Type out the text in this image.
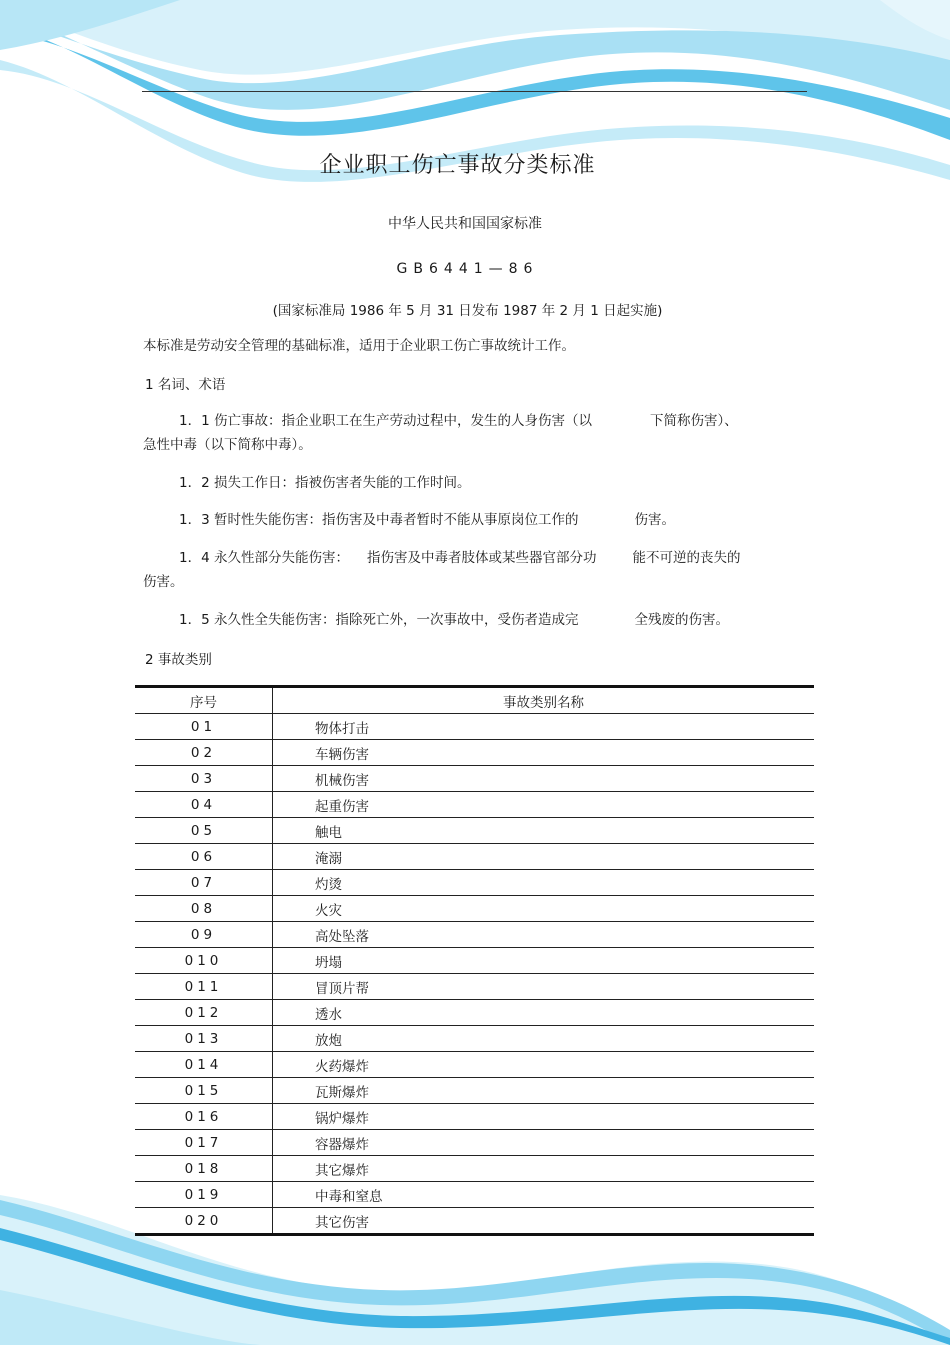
企业职工伤亡事故分类标准
中华人民共和国国家标准
GB6441—86
(国家标准局 1986 年 5 月 31 日发布 1987 年 2 月 1 日起实施)

本标准是劳动安全管理的基础标准，适用于企业职工伤亡事故统计工作。

1 名词、术语

1．1 伤亡事故：指企业职工在生产劳动过程中，发生的人身伤害（以	下简称伤害）、
急性中毒（以下简称中毒）。

1．2 损失工作日：指被伤害者失能的工作时间。

1．3 暂时性失能伤害：指伤害及中毒者暂时不能从事原岗位工作的	伤害。

1．4 永久性部分失能伤害： 指伤害及中毒者肢体或某些器官部分功	能不可逆的丧失的
伤害。

1．5 永久性全失能伤害：指除死亡外，一次事故中，受伤者造成完	全残废的伤害。

2 事故类别
序号	事故类别名称
01	物体打击
02	车辆伤害
03	机械伤害
04	起重伤害
05	触电
06	淹溺
07	灼烫
08	火灾
09	高处坠落
010	坍塌
011	冒顶片帮
012	透水
013	放炮
014	火药爆炸
015	瓦斯爆炸
016	锅炉爆炸
017	容器爆炸
018	其它爆炸
019	中毒和窒息
020	其它伤害
